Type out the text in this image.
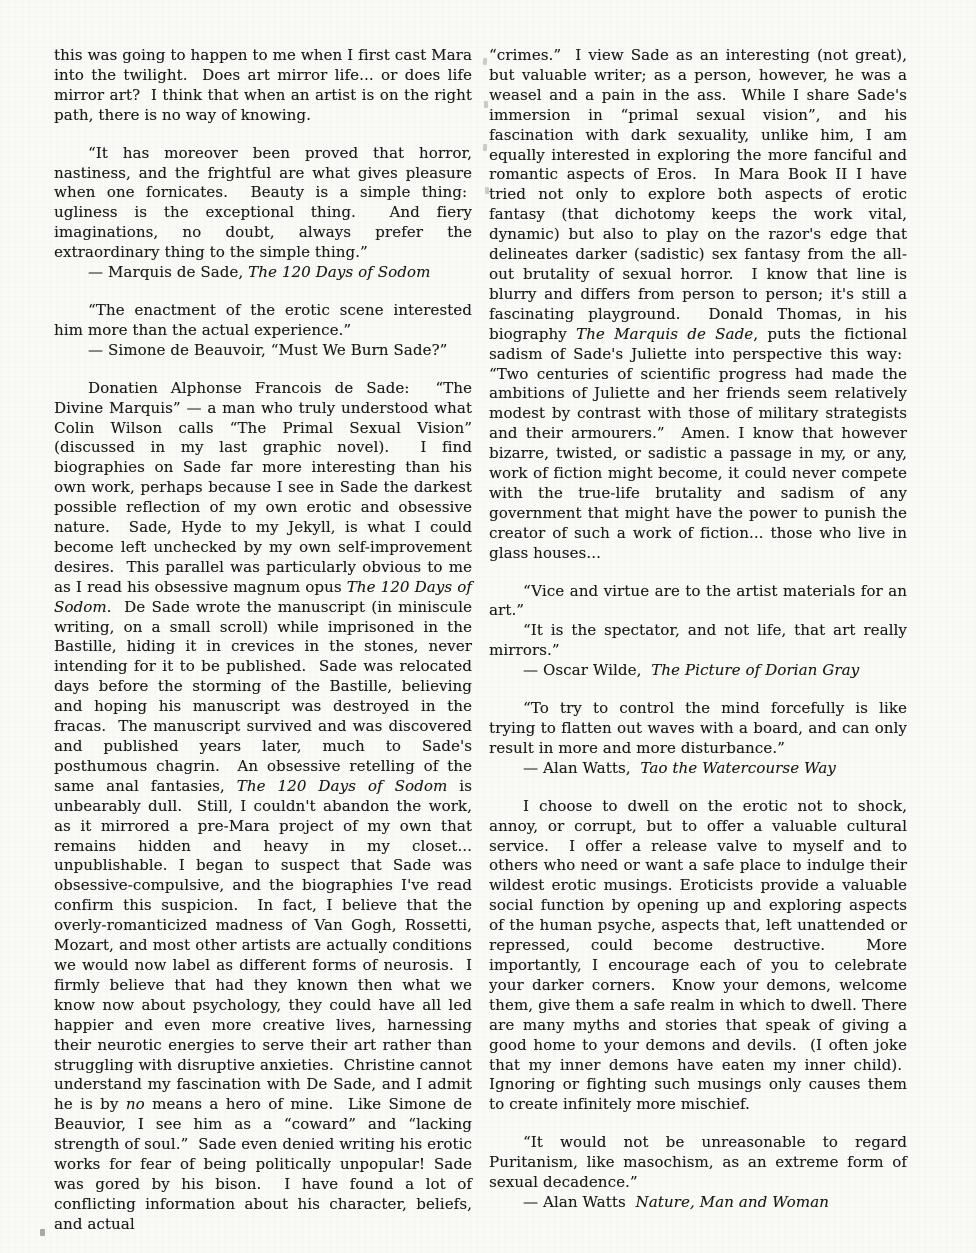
this was going to happen to me when I first cast Mara into the twilight.  Does art mirror life... or does life mirror art?  I think that when an artist is on the right path, there is no way of knowing.

“It has moreover been proved that horror, nastiness, and the frightful are what gives pleasure when one fornicates.  Beauty is a simple thing:  ugliness is the exceptional thing.  And fiery imaginations, no doubt, always prefer the extraordinary thing to the simple thing.”

— Marquis de Sade, The 120 Days of Sodom

“The enactment of the erotic scene interested him more than the actual experience.”

— Simone de Beauvoir, “Must We Burn Sade?”

Donatien Alphonse Francois de Sade:  “The Divine Marquis” — a man who truly understood what Colin Wilson calls “The Primal Sexual Vision” (discussed in my last graphic novel).  I find biographies on Sade far more interesting than his own work, perhaps because I see in Sade the darkest possible reflection of my own erotic and obsessive nature.  Sade, Hyde to my Jekyll, is what I could become left unchecked by my own self-improvement desires.  This parallel was particularly obvious to me as I read his obsessive magnum opus The 120 Days of Sodom.  De Sade wrote the manuscript (in miniscule writing, on a small scroll) while imprisoned in the Bastille, hiding it in crevices in the stones, never intending for it to be published.  Sade was relocated days before the storming of the Bastille, believing and hoping his manuscript was destroyed in the fracas.  The manuscript survived and was discovered and published years later, much to Sade's posthumous chagrin.  An obsessive retelling of the same anal fantasies, The 120 Days of Sodom is unbearably dull.  Still, I couldn't abandon the work, as it mirrored a pre-Mara project of my own that remains hidden and heavy in my closet... unpublishable. I began to suspect that Sade was obsessive-compulsive, and the biographies I've read confirm this suspicion.  In fact, I believe that the overly-romanticized madness of Van Gogh, Rossetti, Mozart, and most other artists are actually conditions we would now label as different forms of neurosis.  I firmly believe that had they known then what we know now about psychology, they could have all led happier and even more creative lives, harnessing their neurotic energies to serve their art rather than struggling with disruptive anxieties.  Christine cannot understand my fascination with De Sade, and I admit he is by no means a hero of mine.  Like Simone de Beauvior, I see him as a “coward” and “lacking strength of soul.”  Sade even denied writing his erotic works for fear of being politically unpopular! Sade was gored by his bison.  I have found a lot of conflicting information about his character, beliefs, and actual

“crimes.”  I view Sade as an interesting (not great), but valuable writer; as a person, however, he was a weasel and a pain in the ass.  While I share Sade's immersion in “primal sexual vision”, and his fascination with dark sexuality, unlike him, I am equally interested in exploring the more fanciful and romantic aspects of Eros.  In Mara Book II I have tried not only to explore both aspects of erotic fantasy (that dichotomy keeps the work vital, dynamic) but also to play on the razor's edge that delineates darker (sadistic) sex fantasy from the all-out brutality of sexual horror.  I know that line is blurry and differs from person to person; it's still a fascinating playground.  Donald Thomas, in his biography The Marquis de Sade, puts the fictional sadism of Sade's Juliette into perspective this way:  “Two centuries of scientific progress had made the ambitions of Juliette and her friends seem relatively modest by contrast with those of military strategists and their armourers.”  Amen. I know that however bizarre, twisted, or sadistic a passage in my, or any, work of fiction might become, it could never compete with the true-life brutality and sadism of any government that might have the power to punish the creator of such a work of fiction... those who live in glass houses...

“Vice and virtue are to the artist materials for an art.”

“It is the spectator, and not life, that art really mirrors.”

— Oscar Wilde,  The Picture of Dorian Gray

“To try to control the mind forcefully is like trying to flatten out waves with a board, and can only result in more and more disturbance.”

— Alan Watts,  Tao the Watercourse Way

I choose to dwell on the erotic not to shock, annoy, or corrupt, but to offer a valuable cultural service.  I offer a release valve to myself and to others who need or want a safe place to indulge their wildest erotic musings. Eroticists provide a valuable social function by opening up and exploring aspects of the human psyche, aspects that, left unattended or repressed, could become destructive.  More importantly, I encourage each of you to celebrate your darker corners.  Know your demons, welcome them, give them a safe realm in which to dwell. There are many myths and stories that speak of giving a good home to your demons and devils.  (I often joke that my inner demons have eaten my inner child).  Ignoring or fighting such musings only causes them to create infinitely more mischief.

“It would not be unreasonable to regard Puritanism, like masochism, as an extreme form of sexual decadence.”

— Alan Watts  Nature, Man and Woman
